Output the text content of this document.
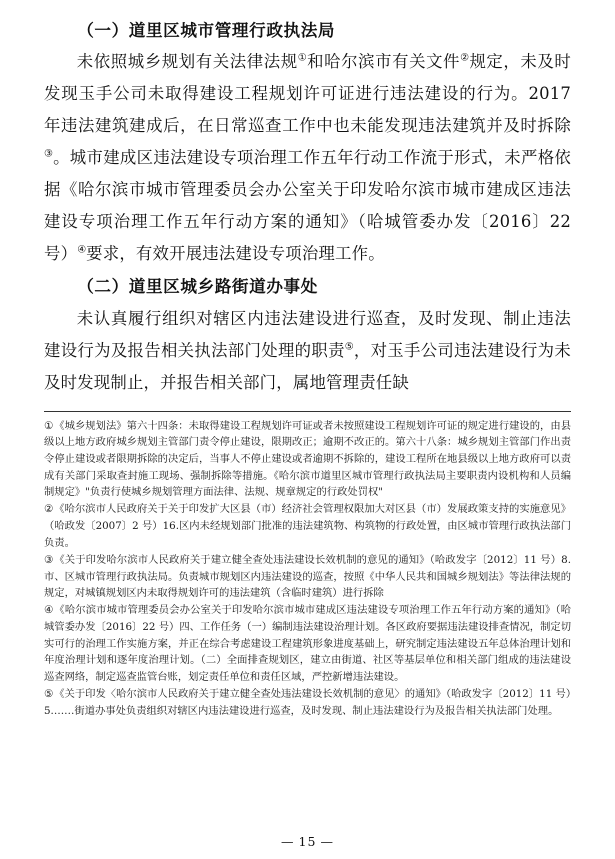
（一）道里区城市管理行政执法局

未依照城乡规划有关法律法规①和哈尔滨市有关文件②规定，未及时发现玉手公司未取得建设工程规划许可证进行违法建设的行为。2017 年违法建筑建成后，在日常巡查工作中也未能发现违法建筑并及时拆除③。城市建成区违法建设专项治理工作五年行动工作流于形式，未严格依据《哈尔滨市城市管理委员会办公室关于印发哈尔滨市城市建成区违法建设专项治理工作五年行动方案的通知》（哈城管委办发〔2016〕22 号）④要求，有效开展违法建设专项治理工作。

（二）道里区城乡路街道办事处

未认真履行组织对辖区内违法建设进行巡查，及时发现、制止违法建设行为及报告相关执法部门处理的职责⑤，对玉手公司违法建设行为未及时发现制止，并报告相关部门，属地管理责任缺

①《城乡规划法》第六十四条：未取得建设工程规划许可证或者未按照建设工程规划许可证的规定进行建设的，由县级以上地方政府城乡规划主管部门责令停止建设，限期改正；逾期不改正的。第六十八条：城乡规划主管部门作出责令停止建设或者限期拆除的决定后，当事人不停止建设或者逾期不拆除的，建设工程所在地县级以上地方政府可以责成有关部门采取查封施工现场、强制拆除等措施。《哈尔滨市道里区城市管理行政执法局主要职责内设机构和人员编制规定》"负责行使城乡规划管理方面法律、法规、规章规定的行政处罚权"

②《哈尔滨市人民政府关于关于印发扩大区县（市）经济社会管理权限加大对区县（市）发展政策支持的实施意见》（哈政发〔2007〕2 号）16.区内未经规划部门批准的违法建筑物、构筑物的行政处置，由区城市管理行政执法部门负责。

③《关于印发哈尔滨市人民政府关于建立健全查处违法建设长效机制的意见的通知》（哈政发字〔2012〕11 号）8.市、区城市管理行政执法局。负责城市规划区内违法建设的巡查，按照《中华人民共和国城乡规划法》等法律法规的规定，对城镇规划区内未取得规划许可的违法建筑（含临时建筑）进行拆除

④《哈尔滨市城市管理委员会办公室关于印发哈尔滨市城市建成区违法建设专项治理工作五年行动方案的通知》（哈城管委办发〔2016〕22 号）四、工作任务（一）编制违法建设治理计划。各区政府要据违法建设排查情况，制定切实可行的治理工作实施方案，并正在综合考虑建设工程建筑形象进度基础上，研究制定违法建设五年总体治理计划和年度治理计划和逐年度治理计划。（二）全面排查规划区，建立由街道、社区等基层单位和相关部门组成的违法建设巡查网络，制定巡查监管台账，划定责任单位和责任区域，严控新增违法建设。

⑤《关于印发〈哈尔滨市人民政府关于建立健全查处违法建设长效机制的意见〉的通知》（哈政发字〔2012〕11 号）5.……街道办事处负责组织对辖区内违法建设进行巡查，及时发现、制止违法建设行为及报告相关执法部门处理。

— 15 —
